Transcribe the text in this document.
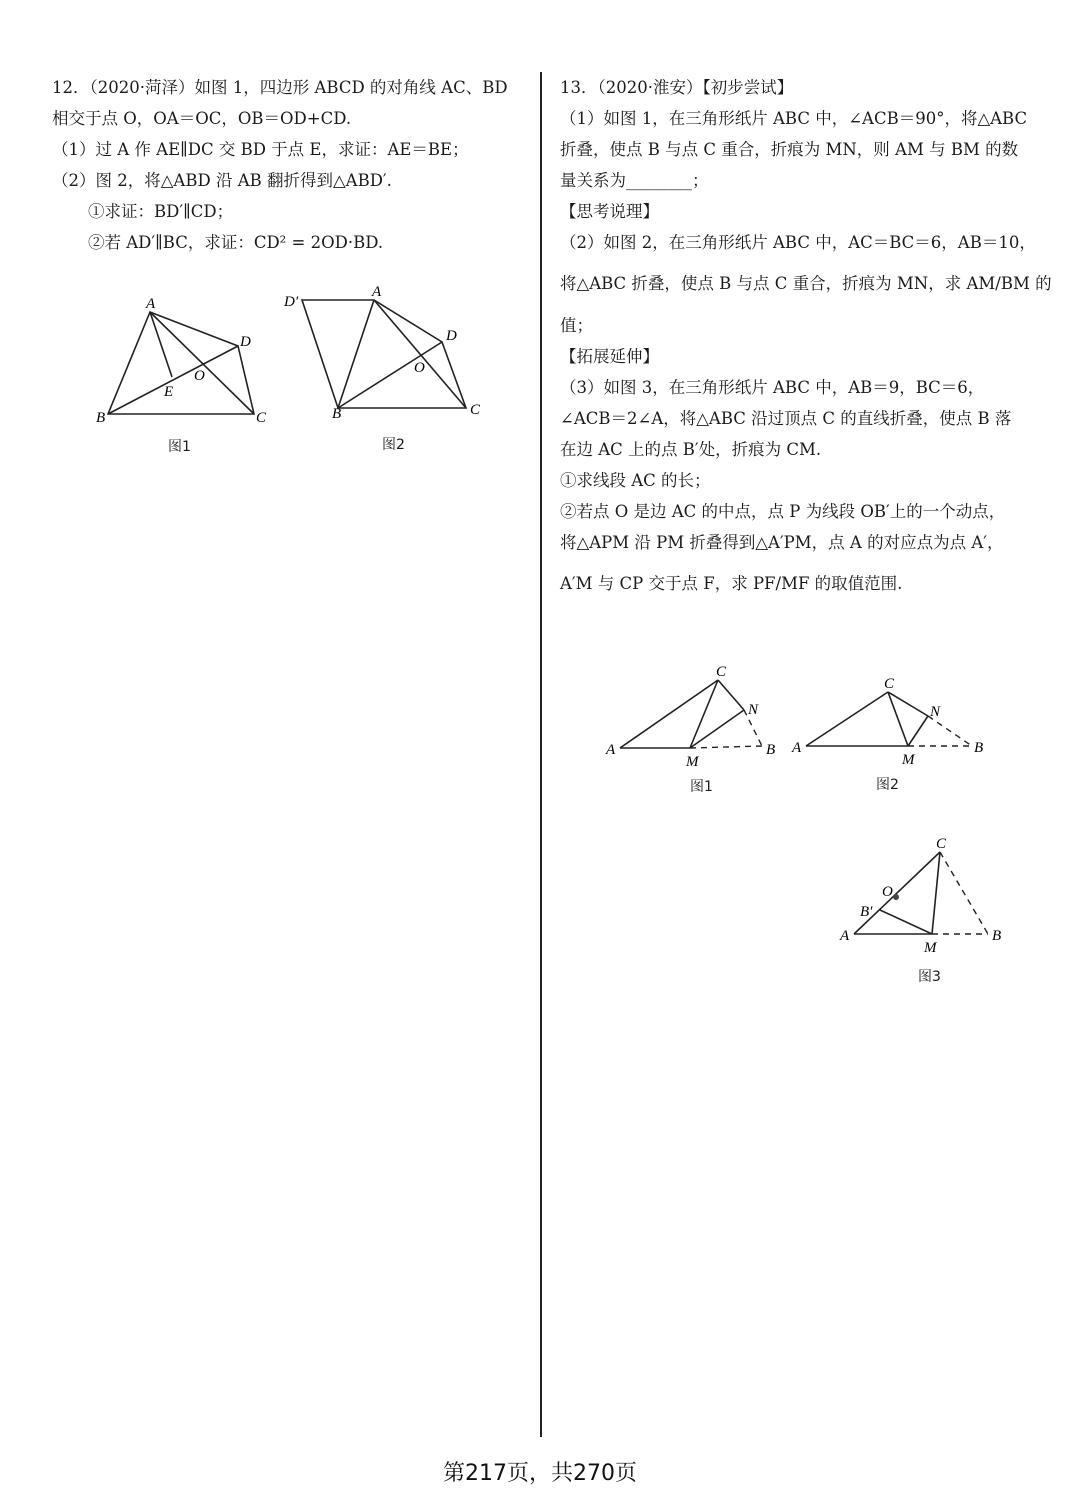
12．（2020·菏泽）如图 1，四边形 ABCD 的对角线 AC、BD
相交于点 O，OA＝OC，OB＝OD+CD.
（1）过 A 作 AE∥DC 交 BD 于点 E，求证：AE＝BE；
（2）图 2，将△ABD 沿 AB 翻折得到△ABD′.
①求证：BD′∥CD；
②若 AD′∥BC，求证：CD² = 2OD·BD.
A
B	C
D
E
O
图1
D′
A
B	C
D
O
图2
13．（2020·淮安）【初步尝试】
（1）如图 1，在三角形纸片 ABC 中，∠ACB＝90°，将△ABC
折叠，使点 B 与点 C 重合，折痕为 MN，则 AM 与 BM 的数
量关系为________；
【思考说理】
（2）如图 2，在三角形纸片 ABC 中，AC＝BC＝6，AB＝10，
将△ABC 折叠，使点 B 与点 C 重合，折痕为 MN，求 AM/BM 的
值；
【拓展延伸】
（3）如图 3，在三角形纸片 ABC 中，AB＝9，BC＝6，
∠ACB＝2∠A，将△ABC 沿过顶点 C 的直线折叠，使点 B 落
在边 AC 上的点 B′处，折痕为 CM.
①求线段 AC 的长；
②若点 O 是边 AC 的中点，点 P 为线段 OB′上的一个动点，
将△APM 沿 PM 折叠得到△A′PM，点 A 的对应点为点 A′，
A′M 与 CP 交于点 F，求 PF/MF 的取值范围.
A
C
N
M
B
图1
A
C
N
M
B
图2
A
C
O
B′
M
B
图3
第217页，共270页
